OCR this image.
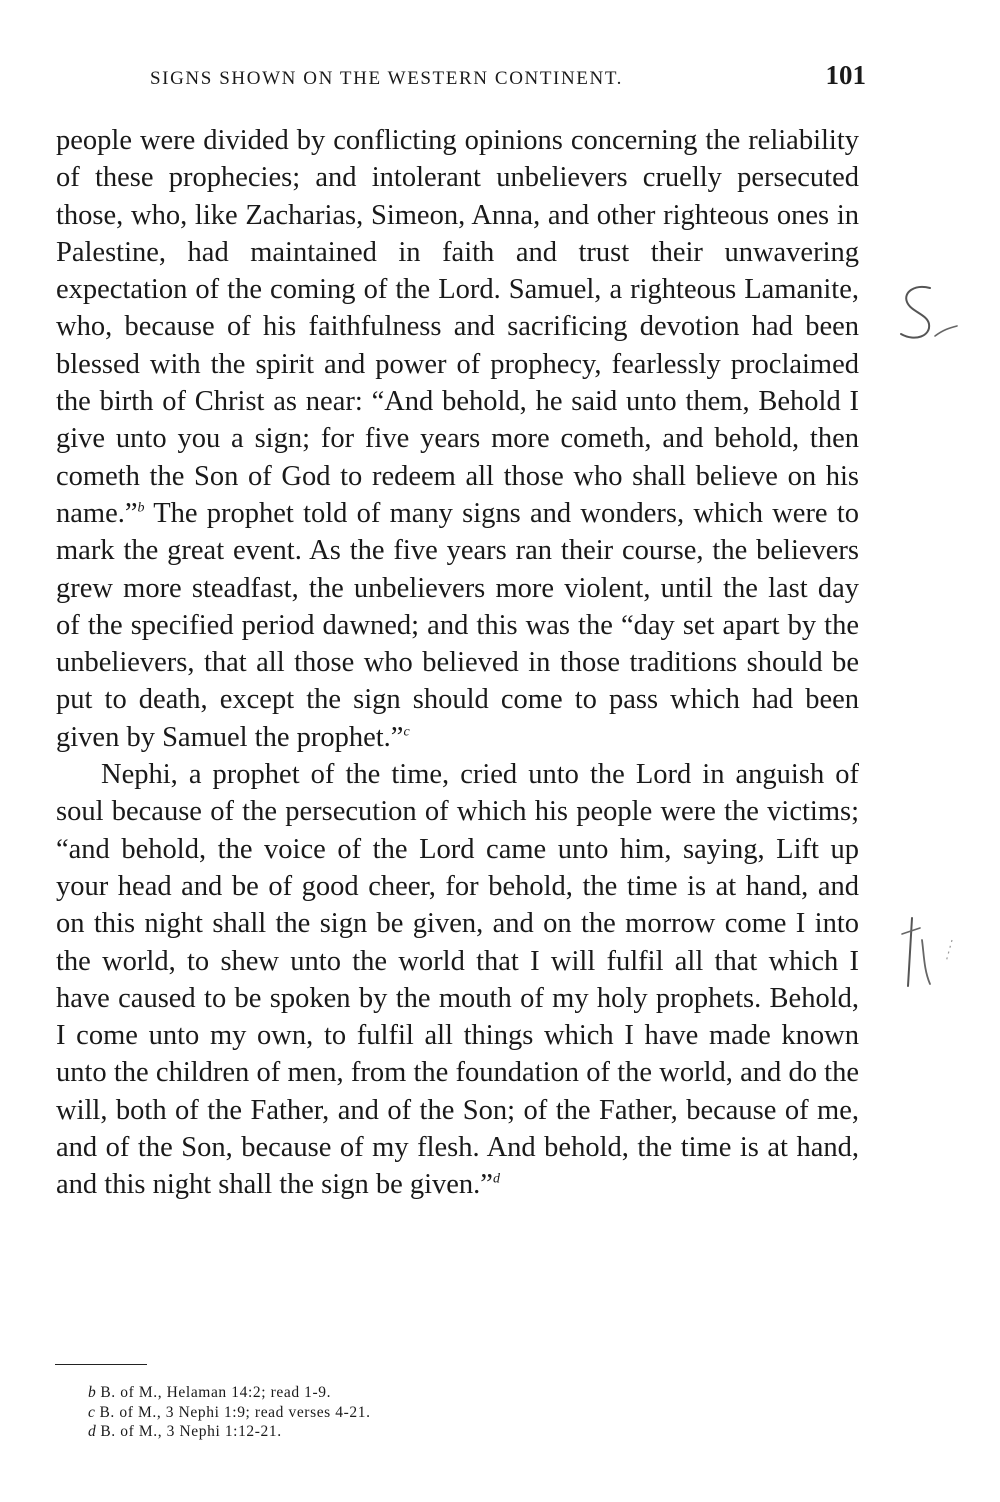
SIGNS SHOWN ON THE WESTERN CONTINENT.	101

people were divided by conflicting opinions concerning the reliability of these prophecies; and intolerant unbelievers cruelly persecuted those, who, like Zacharias, Simeon, Anna, and other righteous ones in Palestine, had maintained in faith and trust their unwavering expectation of the coming of the Lord. Samuel, a righteous Lamanite, who, because of his faithfulness and sacrificing devotion had been blessed with the spirit and power of prophecy, fearlessly proclaimed the birth of Christ as near: “And behold, he said unto them, Behold I give unto you a sign; for five years more cometh, and behold, then cometh the Son of God to redeem all those who shall believe on his name.”$^b$ The prophet told of many signs and wonders, which were to mark the great event. As the five years ran their course, the believers grew more steadfast, the unbelievers more violent, until the last day of the specified period dawned; and this was the “day set apart by the unbelievers, that all those who believed in those traditions should be put to death, except the sign should come to pass which had been given by Samuel the prophet.”$^c$

Nephi, a prophet of the time, cried unto the Lord in anguish of soul because of the persecution of which his people were the victims; “and behold, the voice of the Lord came unto him, saying, Lift up your head and be of good cheer, for behold, the time is at hand, and on this night shall the sign be given, and on the morrow come I into the world, to shew unto the world that I will fulfil all that which I have caused to be spoken by the mouth of my holy prophets. Behold, I come unto my own, to fulfil all things which I have made known unto the children of men, from the foundation of the world, and do the will, both of the Father, and of the Son; of the Father, because of me, and of the Son, because of my flesh. And behold, the time is at hand, and this night shall the sign be given.”$^d$

b B. of M., Helaman 14:2; read 1-9.
c B. of M., 3 Nephi 1:9; read verses 4-21.
d B. of M., 3 Nephi 1:12-21.
